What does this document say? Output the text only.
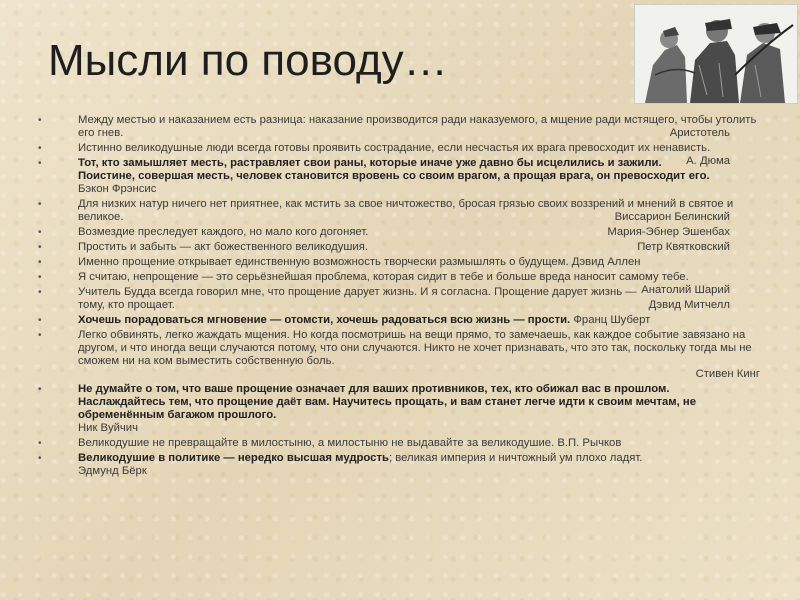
Мысли по поводу…
• Между местью и наказанием есть разница: наказание производится ради наказуемого, а мщение ради мстящего, чтобы утолить его гнев.	Аристотель
• Истинно великодушные люди всегда готовы проявить сострадание, если несчастья их врага превосходит их ненависть.
А. Дюма
• Тот, кто замышляет месть, растравляет свои раны, которые иначе уже давно бы исцелились и зажили. Поистине, совершая месть, человек становится вровень со своим врагом, а прощая врага, он превосходит его.
Бэкон Фрэнсис
• Для низких натур ничего нет приятнее, как мстить за свое ничтожество, бросая грязью своих воззрений и мнений в святое и великое.	Виссарион Белинский
• Возмездие преследует каждого, но мало кого догоняет.	Мария-Эбнер Эшенбах
• Простить и забыть — акт божественного великодушия.	Петр Квятковский
• Именно прощение открывает единственную возможность творчески размышлять о будущем. Дэвид Аллен
• Я считаю, непрощение — это серьёзнейшая проблема, которая сидит в тебе и больше вреда наносит самому тебе.
Анатолий Шарий
• Учитель Будда всегда говорил мне, что прощение дарует жизнь. И я согласна. Прощение дарует жизнь — тому, кто прощает.	Дэвид Митчелл
• Хочешь порадоваться мгновение — отомсти, хочешь радоваться всю жизнь — прости. Франц Шуберт
• Легко обвинять, легко жаждать мщения. Но когда посмотришь на вещи прямо, то замечаешь, как каждое событие завязано на другом, и что иногда вещи случаются потому, что они случаются. Никто не хочет признавать, что это так, поскольку тогда мы не сможем ни на ком выместить собственную боль.

Стивен Кинг
• Не думайте о том, что ваше прощение означает для ваших противников, тех, кто обижал вас в прошлом. Наслаждайтесь тем, что прощение даёт вам. Научитесь прощать, и вам станет легче идти к своим мечтам, не обременённым багажом прошлого.
Ник Вуйчич
• Великодушие не превращайте в милостыню, а милостыню не выдавайте за великодушие. В.П. Рычков
• Великодушие в политике — нередко высшая мудрость; великая империя и ничтожный ум плохо ладят.
Эдмунд Бёрк
